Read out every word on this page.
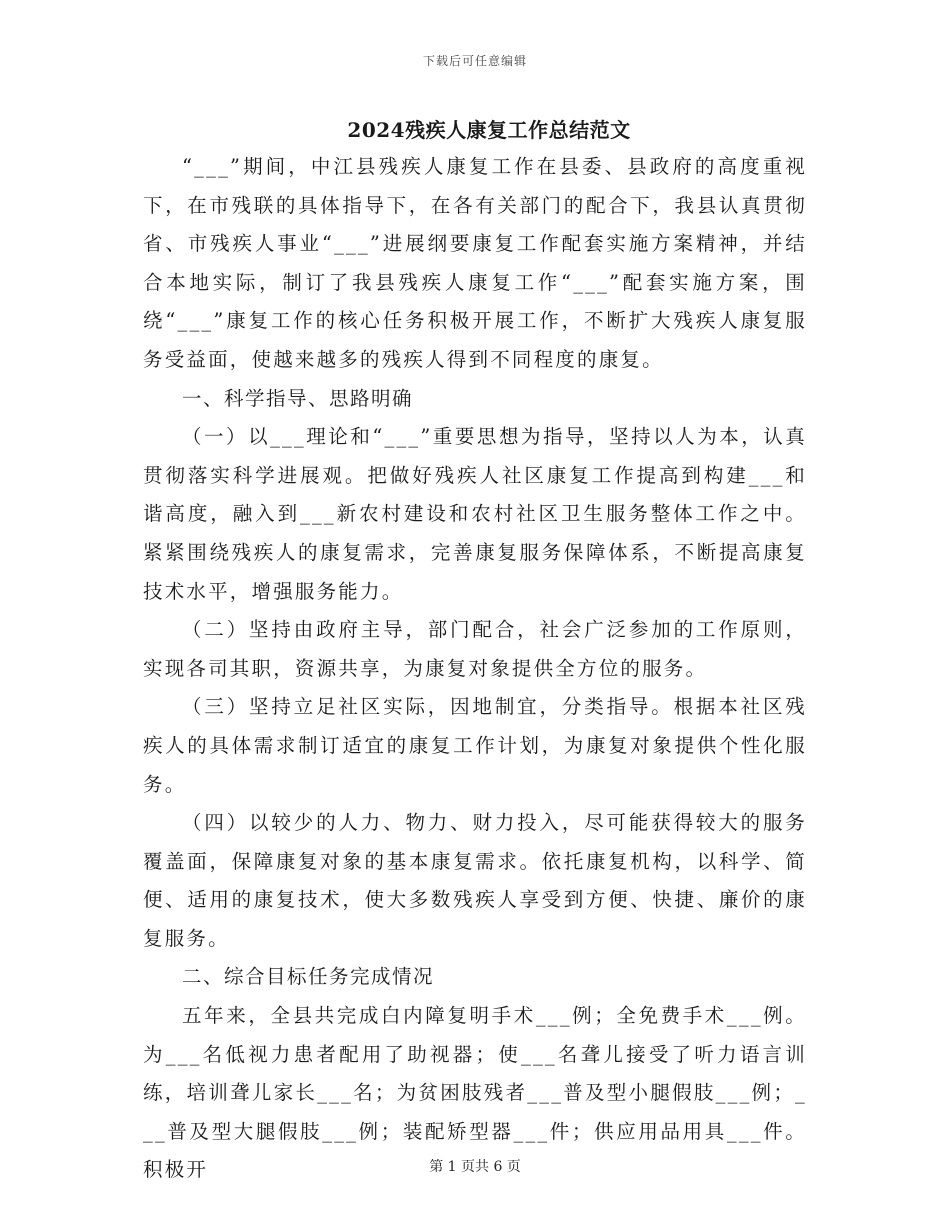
下载后可任意编辑
2024残疾人康复工作总结范文

“___”期间，中江县残疾人康复工作在县委、县政府的高度重视下，在市残联的具体指导下，在各有关部门的配合下，我县认真贯彻省、市残疾人事业“___”进展纲要康复工作配套实施方案精神，并结合本地实际，制订了我县残疾人康复工作“___”配套实施方案，围绕“___”康复工作的核心任务积极开展工作，不断扩大残疾人康复服务受益面，使越来越多的残疾人得到不同程度的康复。

一、科学指导、思路明确

（一）以___理论和“___”重要思想为指导，坚持以人为本，认真贯彻落实科学进展观。把做好残疾人社区康复工作提高到构建___和谐高度，融入到___新农村建设和农村社区卫生服务整体工作之中。紧紧围绕残疾人的康复需求，完善康复服务保障体系，不断提高康复技术水平，增强服务能力。

（二）坚持由政府主导，部门配合，社会广泛参加的工作原则，实现各司其职，资源共享，为康复对象提供全方位的服务。

（三）坚持立足社区实际，因地制宜，分类指导。根据本社区残疾人的具体需求制订适宜的康复工作计划，为康复对象提供个性化服务。

（四）以较少的人力、物力、财力投入，尽可能获得较大的服务覆盖面，保障康复对象的基本康复需求。依托康复机构，以科学、简便、适用的康复技术，使大多数残疾人享受到方便、快捷、廉价的康复服务。

二、综合目标任务完成情况

五年来，全县共完成白内障复明手术___例；全免费手术___例。为___名低视力患者配用了助视器；使___名聋儿接受了听力语言训练，培训聋儿家长___名；为贫困肢残者___普及型小腿假肢___例；___普及型大腿假肢___例；装配矫型器___件；供应用品用具___件。积极开	第 1 页共 6 页
